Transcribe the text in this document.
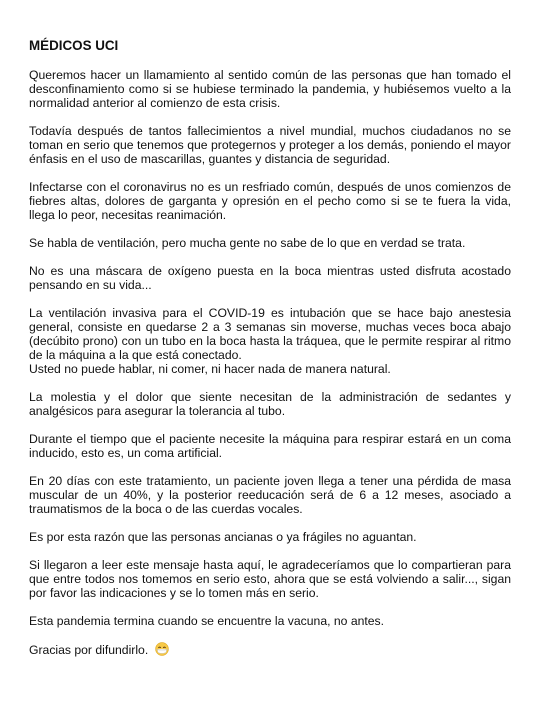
MÉDICOS UCI

Queremos hacer un llamamiento al sentido común de las personas que han tomado el desconfinamiento como si se hubiese terminado la pandemia, y hubiésemos vuelto a la normalidad anterior al comienzo de esta crisis.

Todavía después de tantos fallecimientos a nivel mundial, muchos ciudadanos no se toman en serio que tenemos que protegernos y proteger a los demás, poniendo el mayor énfasis en el uso de mascarillas, guantes y distancia de seguridad.

Infectarse con el coronavirus no es un resfriado común, después de unos comienzos de fiebres altas, dolores de garganta y opresión en el pecho como si se te fuera la vida, llega lo peor, necesitas reanimación.

Se habla de ventilación, pero mucha gente no sabe de lo que en verdad se trata.

No es una máscara de oxígeno puesta en la boca mientras usted disfruta acostado pensando en su vida...

La ventilación invasiva para el COVID-19 es intubación que se hace bajo anestesia general, consiste en quedarse 2 a 3 semanas sin moverse, muchas veces boca abajo (decúbito prono) con un tubo en la boca hasta la tráquea, que le permite respirar al ritmo de la máquina a la que está conectado.
Usted no puede hablar, ni comer, ni hacer nada de manera natural.

La molestia y el dolor que siente necesitan de la administración de sedantes y analgésicos para asegurar la tolerancia al tubo.

Durante el tiempo que el paciente necesite la máquina para respirar estará en un coma inducido, esto es, un coma artificial.

En 20 días con este tratamiento, un paciente joven llega a tener una pérdida de masa muscular de un 40%, y la posterior reeducación será de 6 a 12 meses, asociado a traumatismos de la boca o de las cuerdas vocales.

Es por esta razón que las personas ancianas o ya frágiles no aguantan.

Si llegaron a leer este mensaje hasta aquí, le agradeceríamos que lo compartieran para que entre todos nos tomemos en serio esto, ahora que se está volviendo a salir..., sigan por favor las indicaciones y se lo tomen más en serio.

Esta pandemia termina cuando se encuentre la vacuna, no antes.

Gracias por difundirlo.
